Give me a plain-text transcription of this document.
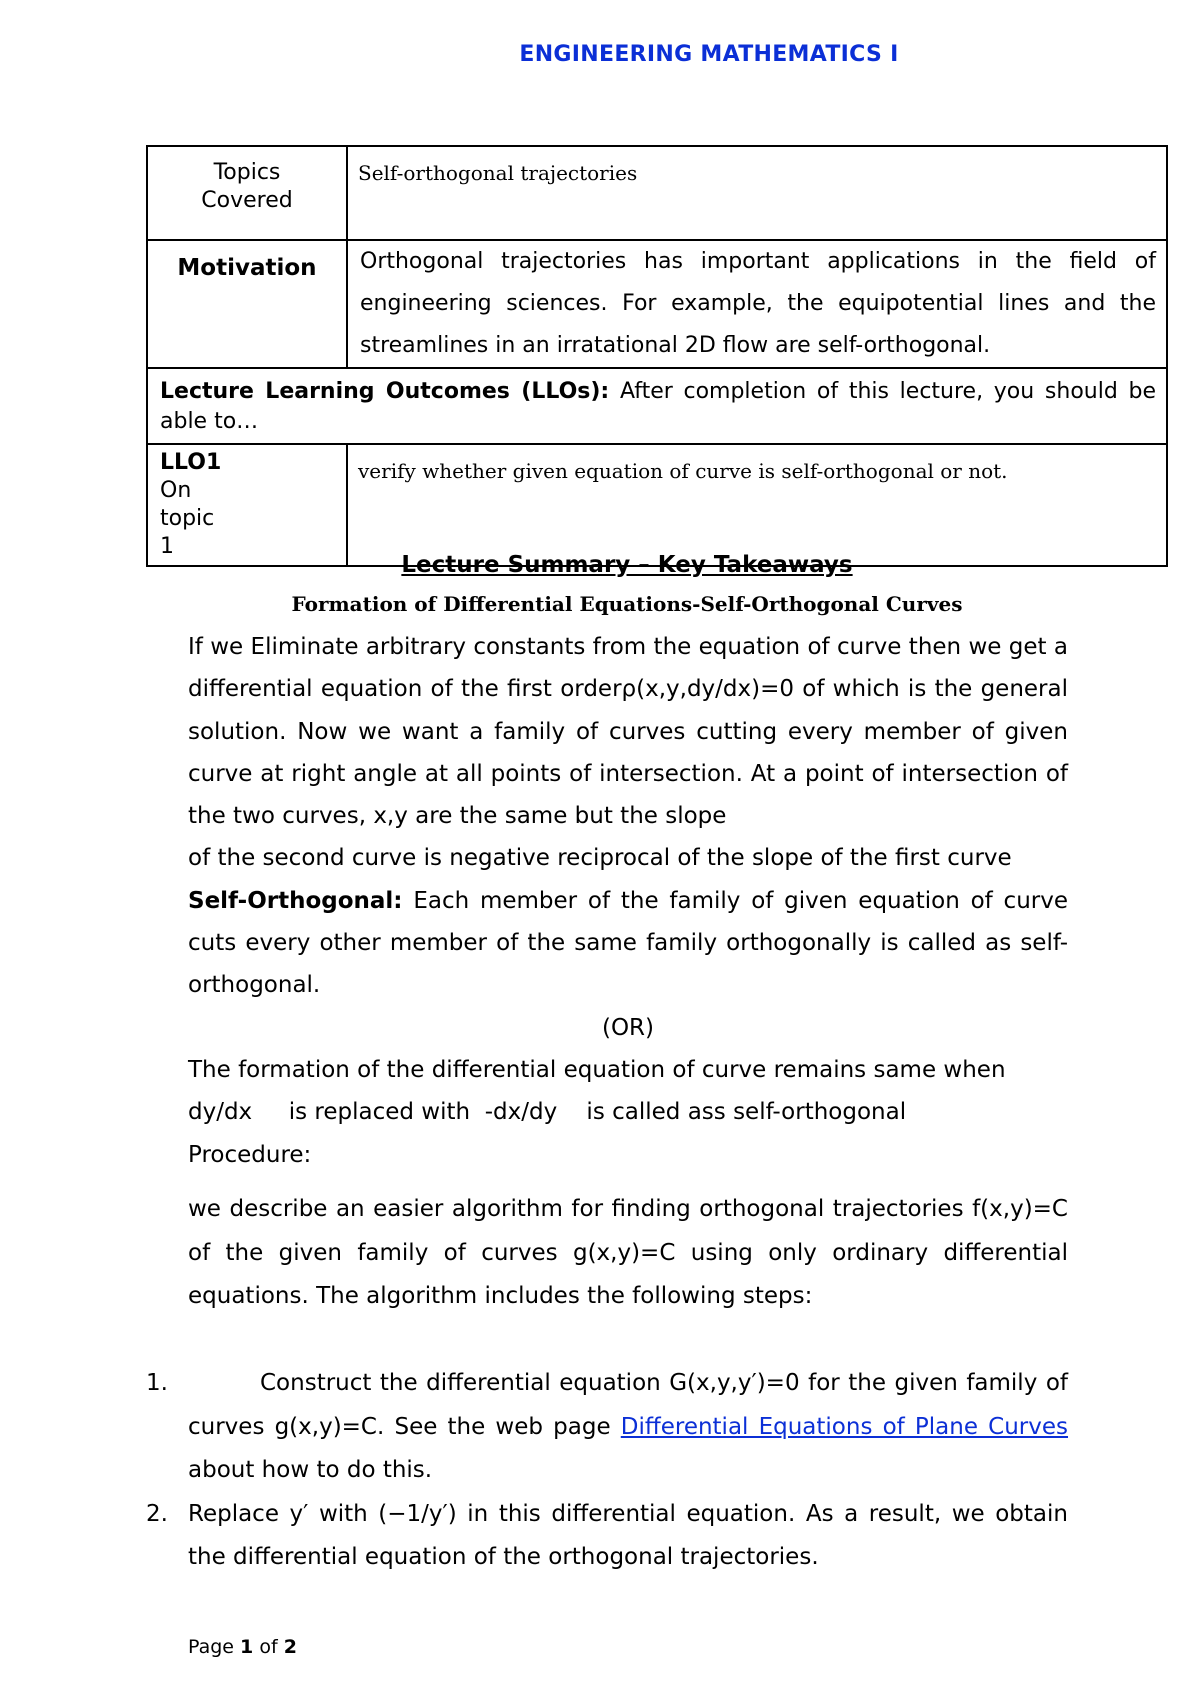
ENGINEERING MATHEMATICS I
Topics
Covered	Self-orthogonal trajectories	
Motivation	Orthogonal trajectories has important applications in the field of engineering sciences. For example, the equipotential lines and the streamlines in an irratational 2D flow are self-orthogonal.	
Lecture Learning Outcomes (LLOs): After completion of this lecture, you should be able to…		

LLO1
On
topic
1	verify whether given equation of curve is self-orthogonal or not.	

Lecture Summary – Key Takeaways
Formation of Differential Equations-Self-Orthogonal Curves
If we Eliminate arbitrary constants from the equation of curve then we get a differential equation of the first orderρ(x,y,dy/dx)=0 of which is the general solution. Now we want a family of curves cutting every member of given curve at right angle at all points of intersection. At a point of intersection of the two curves, x,y are the same but the slope
of the second curve is negative reciprocal of the slope of the first curve
Self-Orthogonal: Each member of the family of given equation of curve cuts every other member of the same family orthogonally is called as self-orthogonal.
(OR)
The formation of the differential equation of curve remains same when
dy/dx     is replaced with  -dx/dy    is called ass self-orthogonal
Procedure:
we describe an easier algorithm for finding orthogonal trajectories f(x,y)=C of the given family of curves g(x,y)=C using only ordinary differential equations. The algorithm includes the following steps:
1.	Construct the differential equation G(x,y,y′)=0 for the given family of curves g(x,y)=C. See the web page Differential Equations of Plane Curves about how to do this.
2. Replace y′ with (−1/y′) in this differential equation. As a result, we obtain the differential equation of the orthogonal trajectories.
Page 1 of 2
